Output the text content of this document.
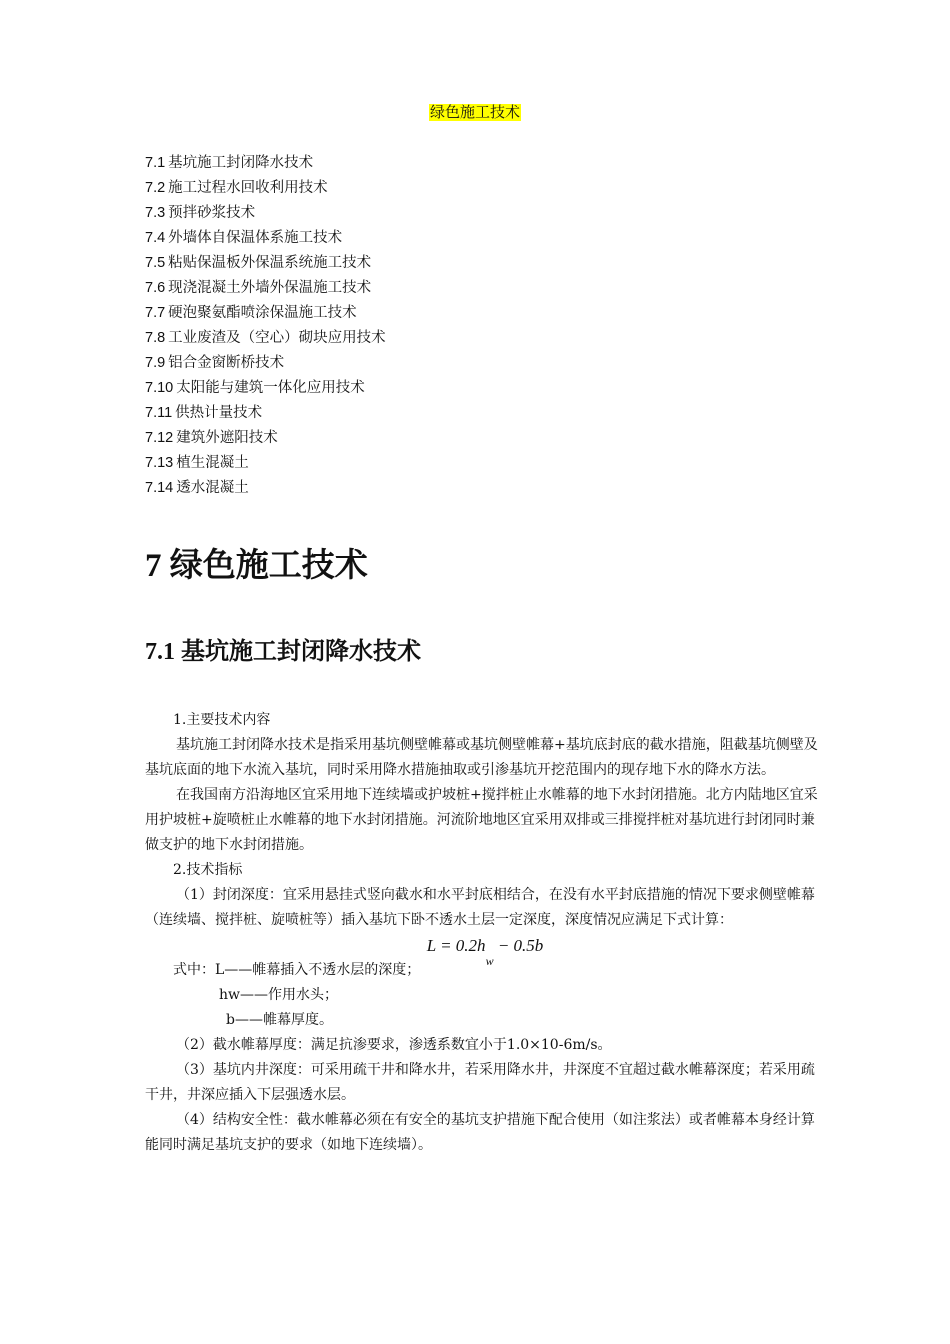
绿色施工技术
7.1 基坑施工封闭降水技术
7.2 施工过程水回收利用技术
7.3 预拌砂浆技术
7.4 外墙体自保温体系施工技术
7.5 粘贴保温板外保温系统施工技术
7.6 现浇混凝土外墙外保温施工技术
7.7 硬泡聚氨酯喷涂保温施工技术
7.8 工业废渣及（空心）砌块应用技术
7.9 铝合金窗断桥技术
7.10 太阳能与建筑一体化应用技术
7.11 供热计量技术
7.12 建筑外遮阳技术
7.13 植生混凝土
7.14 透水混凝土
7 绿色施工技术
7.1 基坑施工封闭降水技术

1.主要技术内容

基坑施工封闭降水技术是指采用基坑侧壁帷幕或基坑侧壁帷幕+基坑底封底的截水措施，阻截基坑侧壁及基坑底面的地下水流入基坑，同时采用降水措施抽取或引渗基坑开挖范围内的现存地下水的降水方法。

在我国南方沿海地区宜采用地下连续墙或护坡桩+搅拌桩止水帷幕的地下水封闭措施。北方内陆地区宜采用护坡桩+旋喷桩止水帷幕的地下水封闭措施。河流阶地地区宜采用双排或三排搅拌桩对基坑进行封闭同时兼做支护的地下水封闭措施。

2.技术指标

（1）封闭深度：宜采用悬挂式竖向截水和水平封底相结合，在没有水平封底措施的情况下要求侧壁帷幕（连续墙、搅拌桩、旋喷桩等）插入基坑下卧不透水土层一定深度，深度情况应满足下式计算：

$L = 0.2h_w - 0.5b$

式中：L——帷幕插入不透水层的深度；

hw——作用水头；

b——帷幕厚度。

（2）截水帷幕厚度：满足抗渗要求，渗透系数宜小于1.0×10-6m/s。

（3）基坑内井深度：可采用疏干井和降水井，若采用降水井，井深度不宜超过截水帷幕深度；若采用疏干井，井深应插入下层强透水层。

（4）结构安全性：截水帷幕必须在有安全的基坑支护措施下配合使用（如注浆法）或者帷幕本身经计算能同时满足基坑支护的要求（如地下连续墙）。
